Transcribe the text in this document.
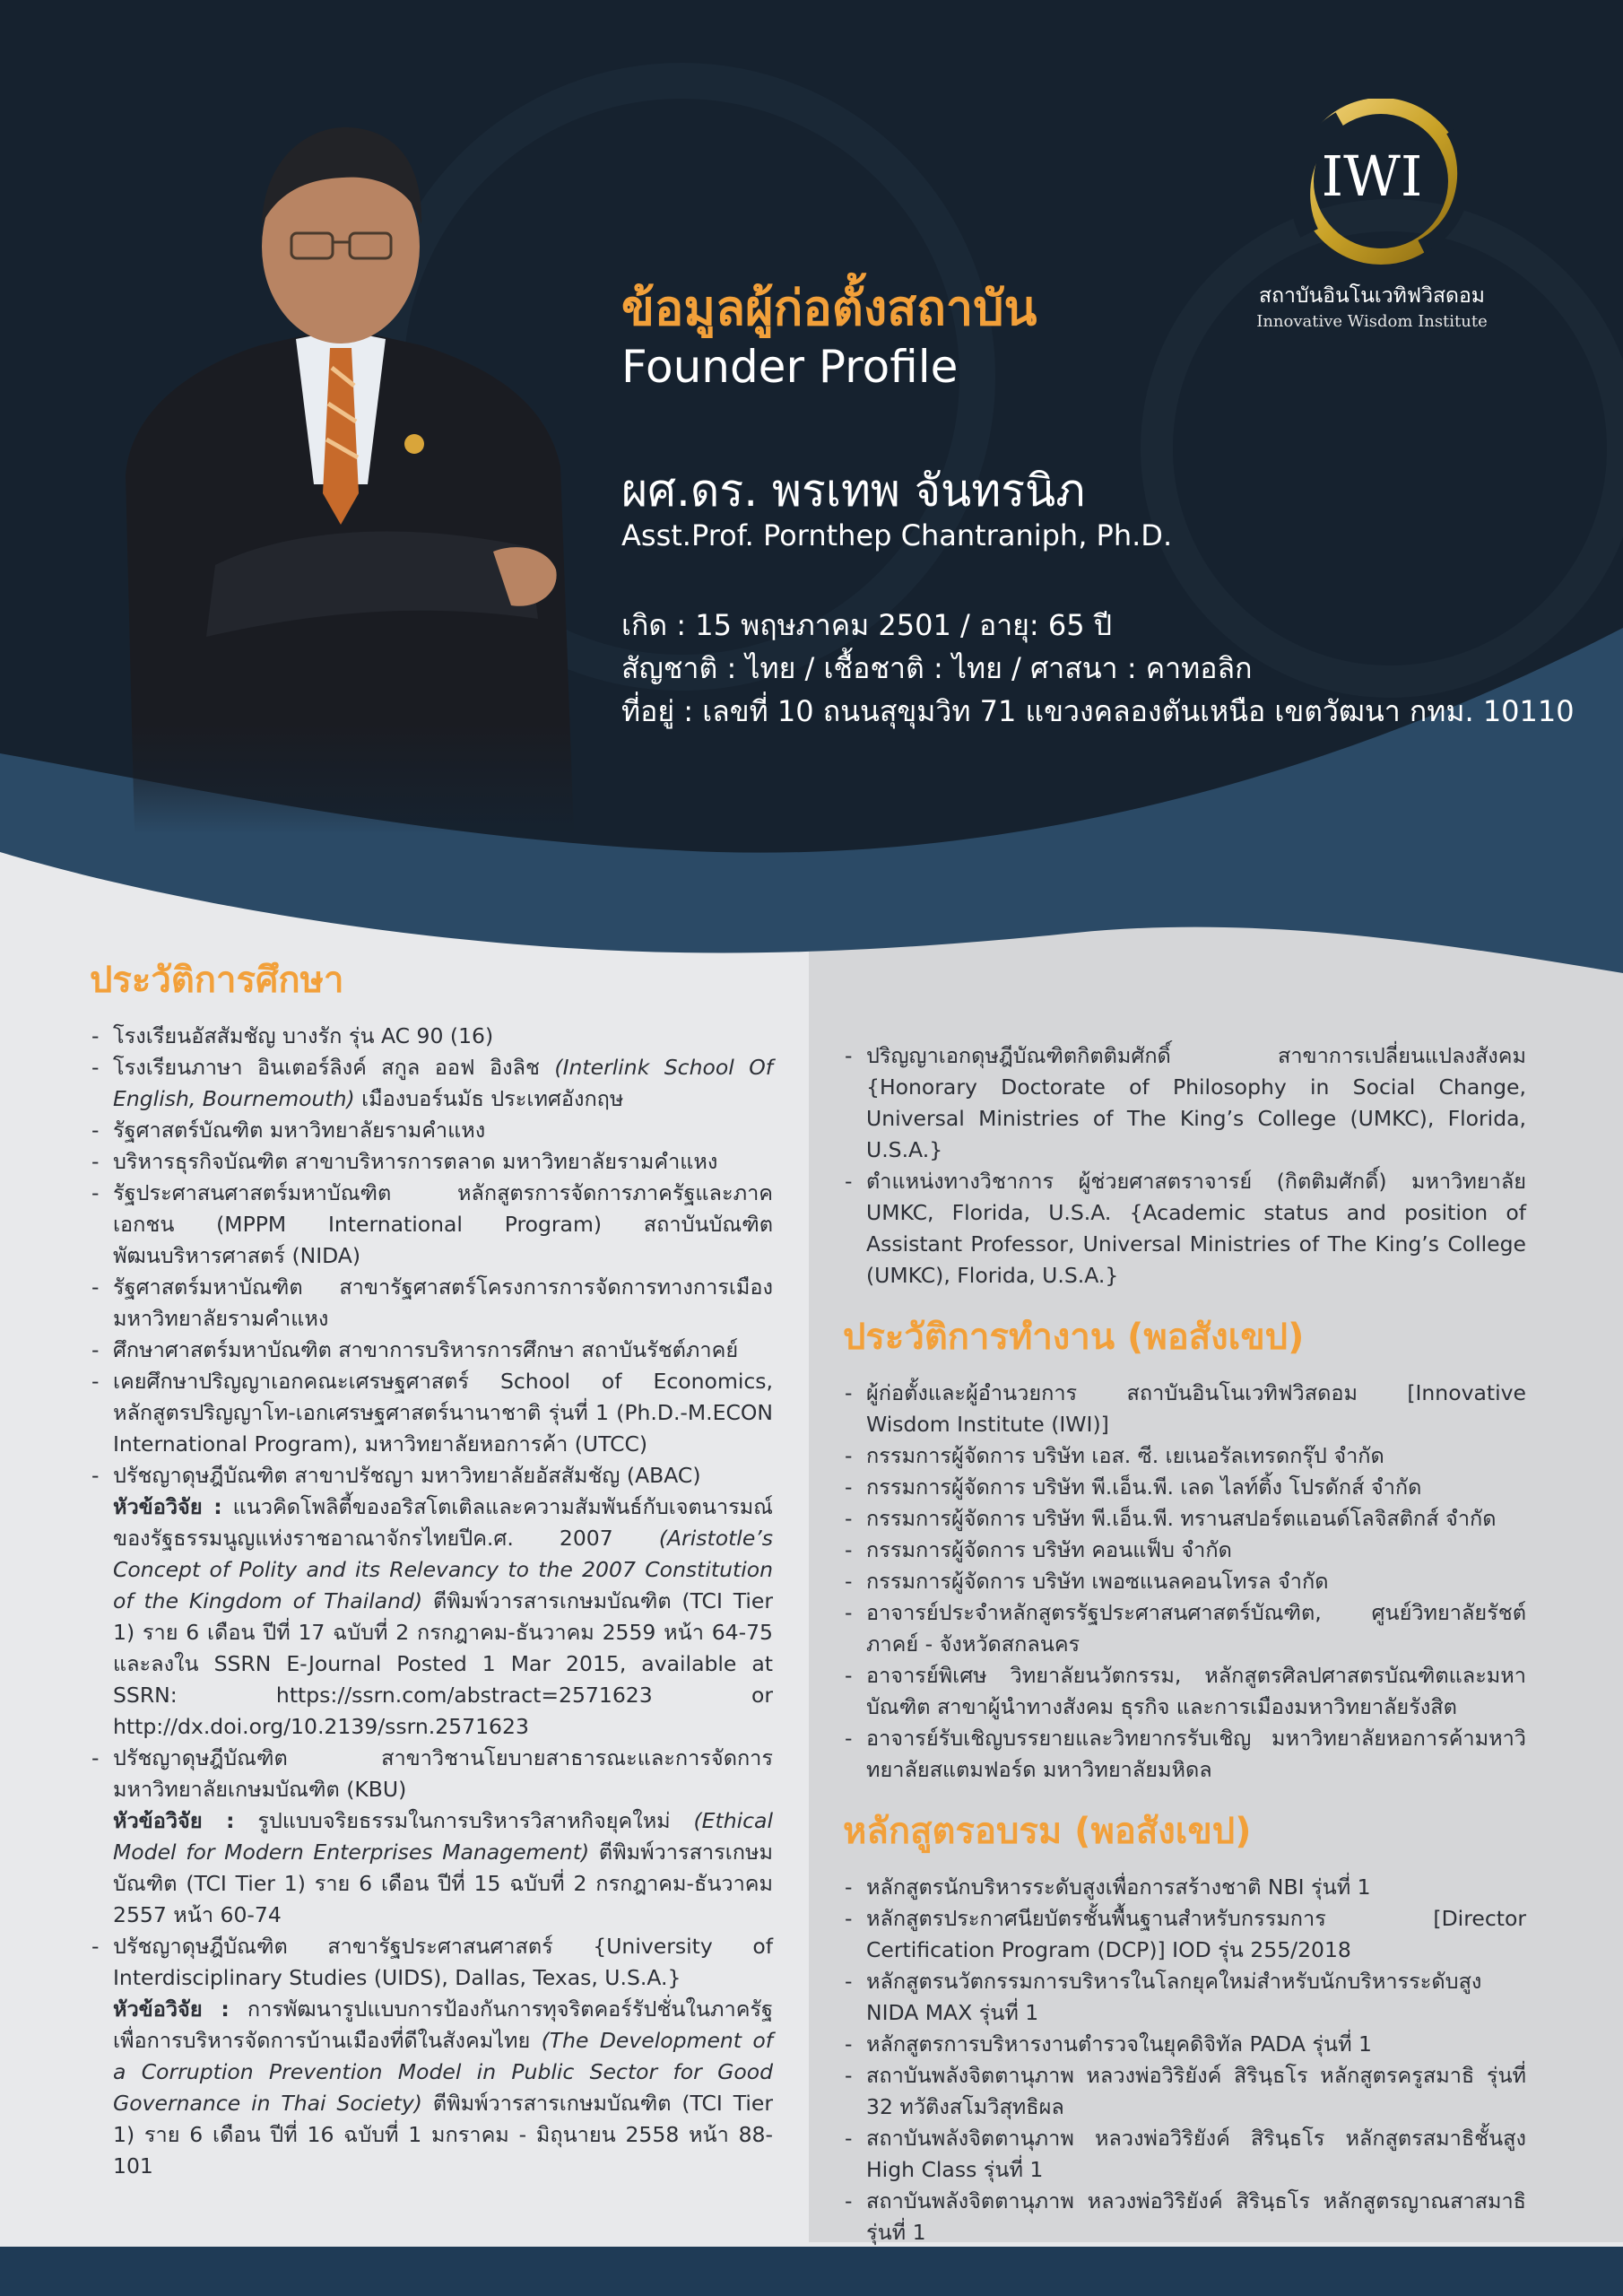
IWI
สถาบันอินโนเวทิฟวิสดอม
Innovative Wisdom Institute
ข้อมูลผู้ก่อตั้งสถาบัน
Founder Profile
ผศ.ดร. พรเทพ จันทรนิภ
Asst.Prof. Pornthep Chantraniph, Ph.D.
เกิด : 15 พฤษภาคม 2501 / อายุ: 65 ปี
สัญชาติ : ไทย / เชื้อชาติ : ไทย / ศาสนา : คาทอลิก
ที่อยู่ : เลขที่ 10 ถนนสุขุมวิท 71 แขวงคลองตันเหนือ เขตวัฒนา กทม. 10110
ประวัติการศึกษา
- โรงเรียนอัสสัมชัญ บางรัก รุ่น AC 90 (16)
- โรงเรียนภาษา อินเตอร์ลิงค์ สกูล ออฟ อิงลิช (Interlink School Of English, Bournemouth) เมืองบอร์นมัธ ประเทศอังกฤษ
- รัฐศาสตร์บัณฑิต มหาวิทยาลัยรามคำแหง
- บริหารธุรกิจบัณฑิต สาขาบริหารการตลาด มหาวิทยาลัยรามคำแหง
- รัฐประศาสนศาสตร์มหาบัณฑิต หลักสูตรการจัดการภาครัฐและภาคเอกชน (MPPM International Program) สถาบันบัณฑิตพัฒนบริหารศาสตร์ (NIDA)
- รัฐศาสตร์มหาบัณฑิต สาขารัฐศาสตร์โครงการการจัดการทางการเมือง มหาวิทยาลัยรามคำแหง
- ศึกษาศาสตร์มหาบัณฑิต สาขาการบริหารการศึกษา สถาบันรัชต์ภาคย์
- เคยศึกษาปริญญาเอกคณะเศรษฐศาสตร์ School of Economics, หลักสูตรปริญญาโท-เอกเศรษฐศาสตร์นานาชาติ รุ่นที่ 1 (Ph.D.-M.ECON International Program), มหาวิทยาลัยหอการค้า (UTCC)
- ปรัชญาดุษฎีบัณฑิต สาขาปรัชญา มหาวิทยาลัยอัสสัมชัญ (ABAC)
หัวข้อวิจัย : แนวคิดโพลิตี้ของอริสโตเติลและความสัมพันธ์กับเจตนารมณ์ของรัฐธรรมนูญแห่งราชอาณาจักรไทยปีค.ศ. 2007 (Aristotle’s Concept of Polity and its Relevancy to the 2007 Constitution of the Kingdom of Thailand) ตีพิมพ์วารสารเกษมบัณฑิต (TCI Tier 1) ราย 6 เดือน ปีที่ 17 ฉบับที่ 2 กรกฎาคม-ธันวาคม 2559 หน้า 64-75 และลงใน SSRN E-Journal Posted 1 Mar 2015, available at SSRN: https://ssrn.com/abstract=2571623 or http://dx.doi.org/10.2139/ssrn.2571623
- ปรัชญาดุษฎีบัณฑิต สาขาวิชานโยบายสาธารณะและการจัดการ มหาวิทยาลัยเกษมบัณฑิต (KBU)
หัวข้อวิจัย : รูปแบบจริยธรรมในการบริหารวิสาหกิจยุคใหม่ (Ethical Model for Modern Enterprises Management) ตีพิมพ์วารสารเกษมบัณฑิต (TCI Tier 1) ราย 6 เดือน ปีที่ 15 ฉบับที่ 2 กรกฎาคม-ธันวาคม 2557 หน้า 60-74
- ปรัชญาดุษฎีบัณฑิต สาขารัฐประศาสนศาสตร์ {University of Interdisciplinary Studies (UIDS), Dallas, Texas, U.S.A.}
หัวข้อวิจัย : การพัฒนารูปแบบการป้องกันการทุจริตคอร์รัปชั่นในภาครัฐเพื่อการบริหารจัดการบ้านเมืองที่ดีในสังคมไทย (The Development of a Corruption Prevention Model in Public Sector for Good Governance in Thai Society) ตีพิมพ์วารสารเกษมบัณฑิต (TCI Tier 1) ราย 6 เดือน ปีที่ 16 ฉบับที่ 1 มกราคม - มิถุนายน 2558 หน้า 88-101
- ปริญญาเอกดุษฎีบัณฑิตกิตติมศักดิ์ สาขาการเปลี่ยนแปลงสังคม {Honorary Doctorate of Philosophy in Social Change, Universal Ministries of The King’s College (UMKC), Florida, U.S.A.}
- ตำแหน่งทางวิชาการ ผู้ช่วยศาสตราจารย์ (กิตติมศักดิ์) มหาวิทยาลัย UMKC, Florida, U.S.A. {Academic status and position of Assistant Professor, Universal Ministries of The King’s College (UMKC), Florida, U.S.A.}
ประวัติการทำงาน (พอสังเขป)
- ผู้ก่อตั้งและผู้อำนวยการ สถาบันอินโนเวทิฟวิสดอม [Innovative Wisdom Institute (IWI)]
- กรรมการผู้จัดการ บริษัท เอส. ซี. เยเนอรัลเทรดกรุ๊ป จำกัด
- กรรมการผู้จัดการ บริษัท พี.เอ็น.พี. เลด ไลท์ติ้ง โปรดักส์ จำกัด
- กรรมการผู้จัดการ บริษัท พี.เอ็น.พี. ทรานสปอร์ตแอนด์โลจิสติกส์ จำกัด
- กรรมการผู้จัดการ บริษัท คอนแฟ็บ จำกัด
- กรรมการผู้จัดการ บริษัท เพอซแนลคอนโทรล จำกัด
- อาจารย์ประจำหลักสูตรรัฐประศาสนศาสตร์บัณฑิต, ศูนย์วิทยาลัยรัชต์ภาคย์ - จังหวัดสกลนคร
- อาจารย์พิเศษ วิทยาลัยนวัตกรรม, หลักสูตรศิลปศาสตรบัณฑิตและมหาบัณฑิต สาขาผู้นำทางสังคม ธุรกิจ และการเมืองมหาวิทยาลัยรังสิต
- อาจารย์รับเชิญบรรยายและวิทยากรรับเชิญ มหาวิทยาลัยหอการค้ามหาวิทยาลัยสแตมฟอร์ด มหาวิทยาลัยมหิดล
หลักสูตรอบรม (พอสังเขป)
- หลักสูตรนักบริหารระดับสูงเพื่อการสร้างชาติ NBI รุ่นที่ 1
- หลักสูตรประกาศนียบัตรชั้นพื้นฐานสำหรับกรรมการ [Director Certification Program (DCP)] IOD รุ่น 255/2018
- หลักสูตรนวัตกรรมการบริหารในโลกยุคใหม่สำหรับนักบริหารระดับสูง NIDA MAX รุ่นที่ 1
- หลักสูตรการบริหารงานตำรวจในยุคดิจิทัล PADA รุ่นที่ 1
- สถาบันพลังจิตตานุภาพ หลวงพ่อวิริยังค์ สิรินฺธโร หลักสูตรครูสมาธิ รุ่นที่ 32 ทวัติงสโมวิสุทธิผล
- สถาบันพลังจิตตานุภาพ หลวงพ่อวิริยังค์ สิรินฺธโร หลักสูตรสมาธิชั้นสูง High Class รุ่นที่ 1
- สถาบันพลังจิตตานุภาพ หลวงพ่อวิริยังค์ สิรินฺธโร หลักสูตรญาณสาสมาธิ รุ่นที่ 1
